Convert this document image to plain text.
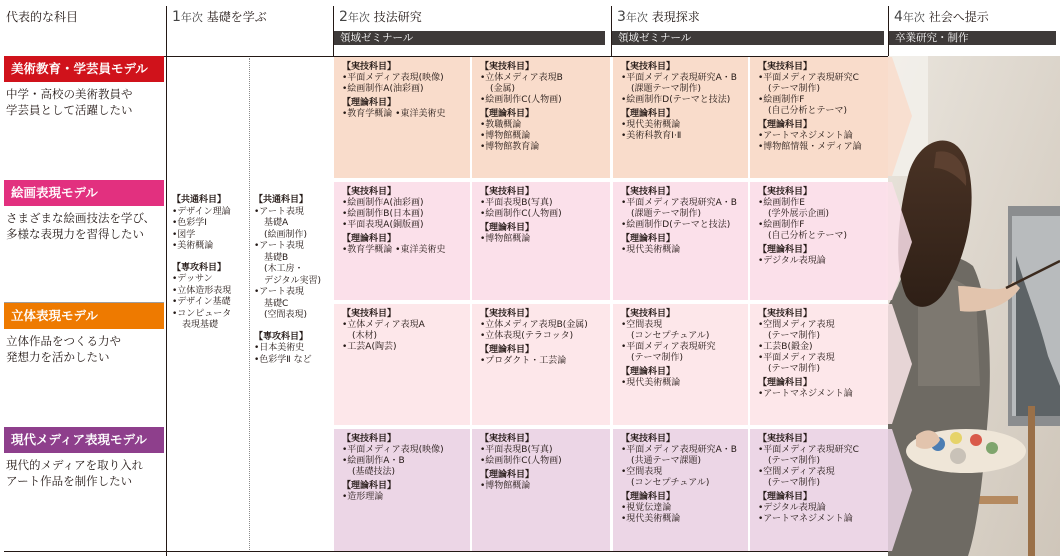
代表的な科目	1年次 基礎を学ぶ	2年次 技法研究
領域ゼミナール
3年次 表現探求
領域ゼミナール
4年次 社会へ提示
卒業研究・制作
美術教育・学芸員モデル
中学・高校の美術教員や
学芸員として活躍したい
絵画表現モデル
さまざまな絵画技法を学び、
多様な表現力を習得したい
立体表現モデル
立体作品をつくる力や
発想力を活かしたい
現代メディア表現モデル
現代的メディアを取り入れ
アート作品を制作したい
【共通科目】
•デザイン理論
•色彩学Ⅰ
•図学
•美術概論
【専攻科目】
•デッサン
•立体造形表現
•デザイン基礎
•コンピュータ
表現基礎
【共通科目】
•アート表現
基礎A
(絵画制作)
•アート表現
基礎B
(木工房・
デジタル実習)
•アート表現
基礎C
(空間表現)
【専攻科目】
•日本美術史
•色彩学Ⅱ など
【実技科目】
•平面メディア表現(映像)
•絵画制作A(油彩画)
【理論科目】
•教育学概論 •東洋美術史
【実技科目】
•立体メディア表現B
(金属)
•絵画制作C(人物画)
【理論科目】
•教職概論
•博物館概論
•博物館教育論
【実技科目】
•平面メディア表現研究A・B
(課題テーマ制作)
•絵画制作D(テーマと技法)
【理論科目】
•現代美術概論
•美術科教育Ⅰ·Ⅱ
【実技科目】
•平面メディア表現研究C
(テーマ制作)
•絵画制作F
(自己分析とテーマ)
【理論科目】
•アートマネジメント論
•博物館情報・メディア論
【実技科目】
•絵画制作A(油彩画)
•絵画制作B(日本画)
•平面表現A(銅版画)
【理論科目】
•教育学概論 •東洋美術史
【実技科目】
•平面表現B(写真)
•絵画制作C(人物画)
【理論科目】
•博物館概論
【実技科目】
•平面メディア表現研究A・B
(課題テーマ制作)
•絵画制作D(テーマと技法)
【理論科目】
•現代美術概論
【実技科目】
•絵画制作E
(学外展示企画)
•絵画制作F
(自己分析とテーマ)
【理論科目】
•デジタル表現論
【実技科目】
•立体メディア表現A
(木材)
•工芸A(陶芸)
【実技科目】
•立体メディア表現B(金属)
•立体表現(テラコッタ)
【理論科目】
•プロダクト・工芸論
【実技科目】
•空間表現
(コンセプチュアル)
•平面メディア表現研究
(テーマ制作)
【理論科目】
•現代美術概論
【実技科目】
•空間メディア表現
(テーマ制作)
•工芸B(鍛金)
•平面メディア表現
(テーマ制作)
【理論科目】
•アートマネジメント論
【実技科目】
•平面メディア表現(映像)
•絵画制作A・B
(基礎技法)
【理論科目】
•造形理論
【実技科目】
•平面表現B(写真)
•絵画制作C(人物画)
【理論科目】
•博物館概論
【実技科目】
•平面メディア表現研究A・B
(共通テーマ課題)
•空間表現
(コンセプチュアル)
【理論科目】
•視覚伝達論
•現代美術概論
【実技科目】
•平面メディア表現研究C
(テーマ制作)
•空間メディア表現
(テーマ制作)
【理論科目】
•デジタル表現論
•アートマネジメント論
